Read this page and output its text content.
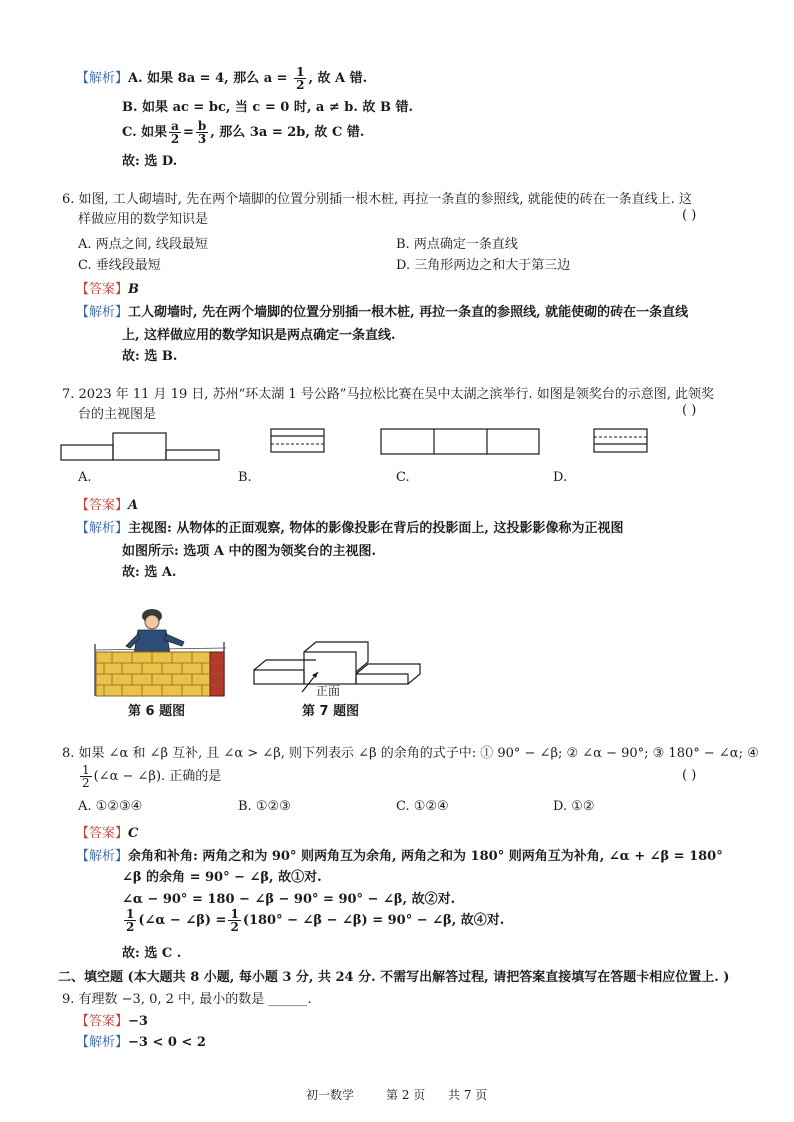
【解析】A. 如果 8a = 4, 那么 $a = \frac{1}{2}$ , 故 A 错.
B. 如果 ac = bc, 当 c = 0 时, a ≠ b. 故 B 错.
C. 如果 $\frac{a}{2} = \frac{b}{3}$ , 那么 3a = 2b, 故 C 错.
故: 选 D.
6. 如图, 工人砌墙时, 先在两个墙脚的位置分别插一根木桩, 再拉一条直的参照线, 就能使的砖在一条直线上. 这
样做应用的数学知识是	( )
A. 两点之间, 线段最短	B. 两点确定一条直线
C. 垂线段最短	D. 三角形两边之和大于第三边
【答案】B
【解析】工人砌墙时, 先在两个墙脚的位置分别插一根木桩, 再拉一条直的参照线, 就能使砌的砖在一条直线
上, 这样做应用的数学知识是两点确定一条直线.
故: 选 B.
7. 2023 年 11 月 19 日, 苏州“环太湖 1 号公路”马拉松比赛在吴中太湖之滨举行. 如图是领奖台的示意图, 此领奖
台的主视图是	( )
A.	B.	C.	D.
【答案】A
【解析】主视图: 从物体的正面观察, 物体的影像投影在背后的投影面上, 这投影影像称为正视图
如图所示: 选项 A 中的图为领奖台的主视图.
故: 选 A.
正面
第 6 题图	第 7 题图
8. 如果 ∠α 和 ∠β 互补, 且 ∠α > ∠β, 则下列表示 ∠β 的余角的式子中: ① 90° − ∠β; ② ∠α − 90°; ③ 180° − ∠α; ④
$\frac{1}{2}$ (∠α − ∠β). 正确的是	( )
A. ①②③④	B. ①②③	C. ①②④	D. ①②
【答案】C
【解析】余角和补角: 两角之和为 90° 则两角互为余角, 两角之和为 180° 则两角互为补角, ∠α + ∠β = 180°
∠β 的余角 = 90° − ∠β, 故①对.
∠α − 90° = 180 − ∠β − 90° = 90° − ∠β, 故②对.
$\frac{1}{2}$ (∠α − ∠β) = $\frac{1}{2} (180^\circ$ − ∠β − ∠β) = 90° − ∠β, 故④对.
故: 选 C .
二、填空题 (本大题共 8 小题, 每小题 3 分, 共 24 分. 不需写出解答过程, 请把答案直接填写在答题卡相应位置上. )
9. 有理数 −3, 0, 2 中, 最小的数是 ______.
【答案】−3
【解析】−3 < 0 < 2
初一数学	第 2 页 共 7 页
